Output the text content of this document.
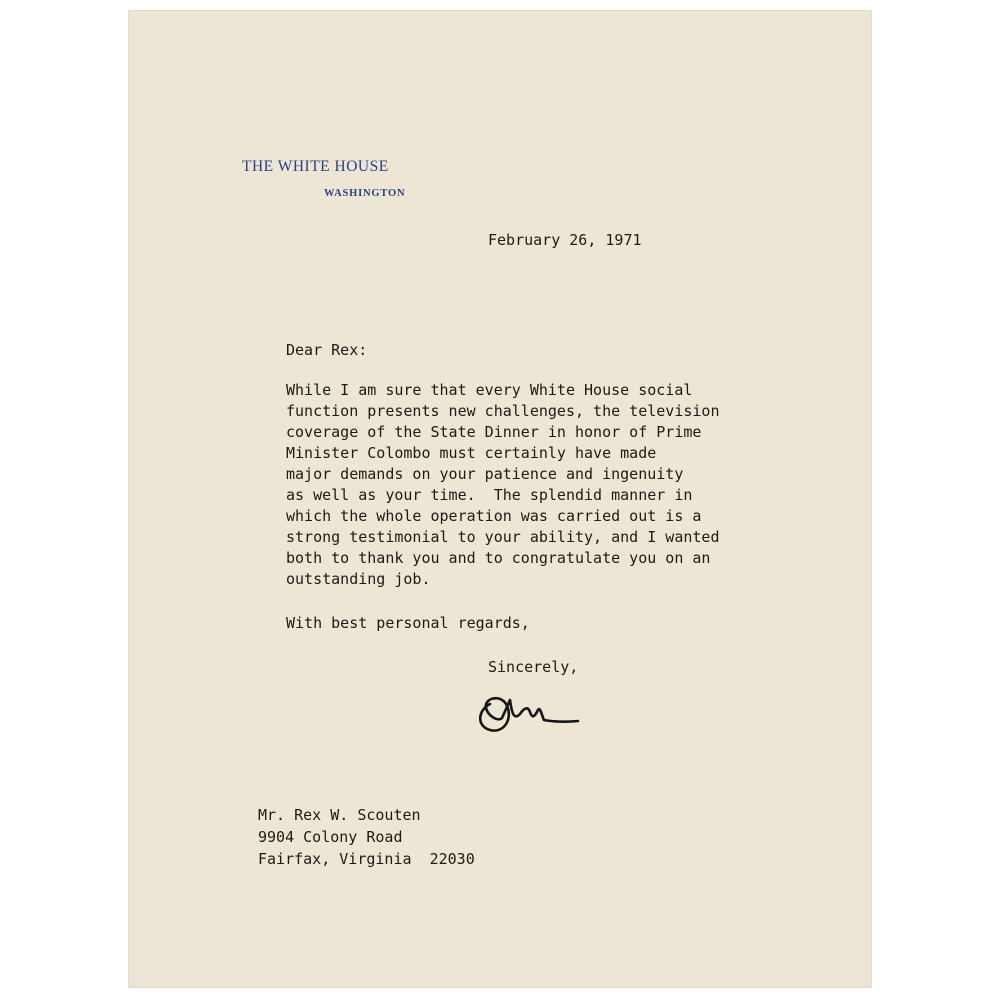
THE WHITE HOUSE
WASHINGTON
February 26, 1971
Dear Rex:
While I am sure that every White House social
function presents new challenges, the television
coverage of the State Dinner in honor of Prime
Minister Colombo must certainly have made
major demands on your patience and ingenuity
as well as your time.  The splendid manner in
which the whole operation was carried out is a
strong testimonial to your ability, and I wanted
both to thank you and to congratulate you on an
outstanding job.
With best personal regards,
Sincerely,
Mr. Rex W. Scouten
9904 Colony Road
Fairfax, Virginia  22030
